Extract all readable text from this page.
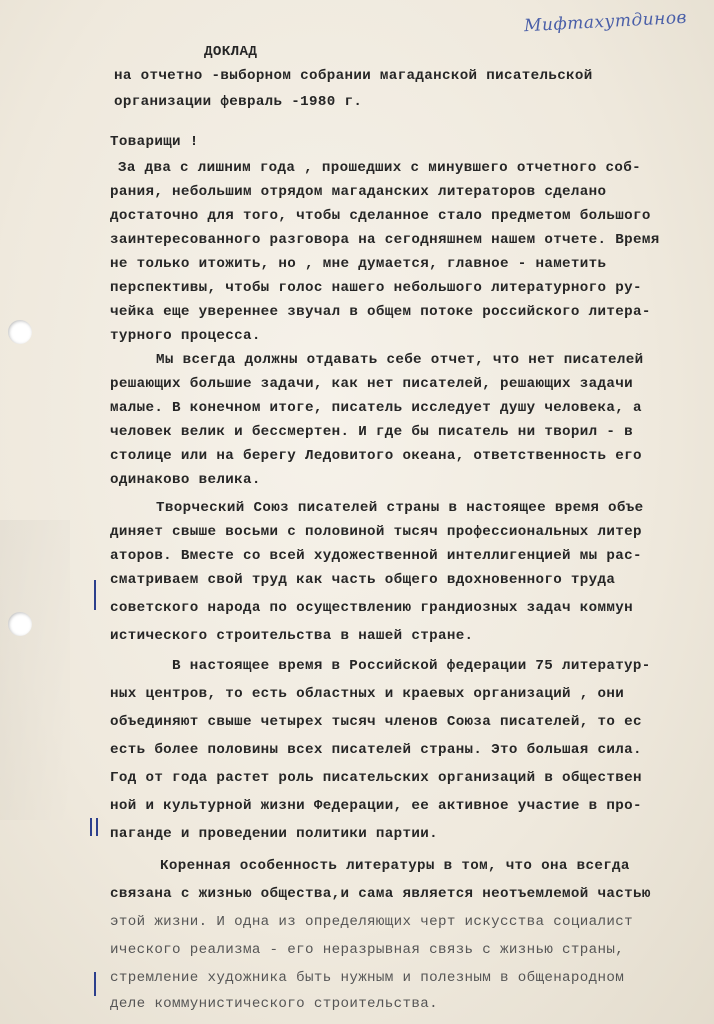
Мифтахутдинов
ДОКЛАД
на отчетно -выборном собрании магаданской писательской
организации февраль -1980 г.
Товарищи !
За два с лишним года , прошедших с минувшего отчетного соб-
рания, небольшим отрядом магаданских литераторов сделано
достаточно для того, чтобы сделанное стало предметом большого
заинтересованного разговора на сегодняшнем нашем отчете. Время
не только итожить, но , мне думается, главное - наметить
перспективы, чтобы голос нашего небольшого литературного ру-
чейка еще увереннее звучал в общем потоке российского литера-
турного процесса.
Мы всегда должны отдавать себе отчет, что нет писателей
решающих большие задачи, как нет писателей, решающих задачи
малые. В конечном итоге, писатель исследует душу человека, а
человек велик и бессмертен. И где бы писатель ни творил - в
столице или на берегу Ледовитого океана, ответственность его
одинаково велика.
Творческий Союз писателей страны в настоящее время объе
диняет свыше восьми с половиной тысяч профессиональных литер
аторов. Вместе со всей художественной интеллигенцией мы рас-
сматриваем свой труд как часть общего вдохновенного труда
советского народа по осуществлению грандиозных задач коммун
истического строительства в нашей стране.
В настоящее время в Российской федерации 75 литератур-
ных центров, то есть областных и краевых организаций , они
объединяют свыше четырех тысяч членов Союза писателей, то ес
есть более половины всех писателей страны. Это большая сила.
Год от года растет роль писательских организаций в обществен
ной и культурной жизни Федерации, ее активное участие в про-
паганде и проведении политики партии.
Коренная особенность литературы в том, что она всегда
связана с жизнью общества,и сама является неотъемлемой частью
этой жизни. И одна из определяющих черт искусства социалист
ического реализма - его неразрывная связь с жизнью страны,
стремление художника быть нужным и полезным в общенародном
деле коммунистического строительства.
